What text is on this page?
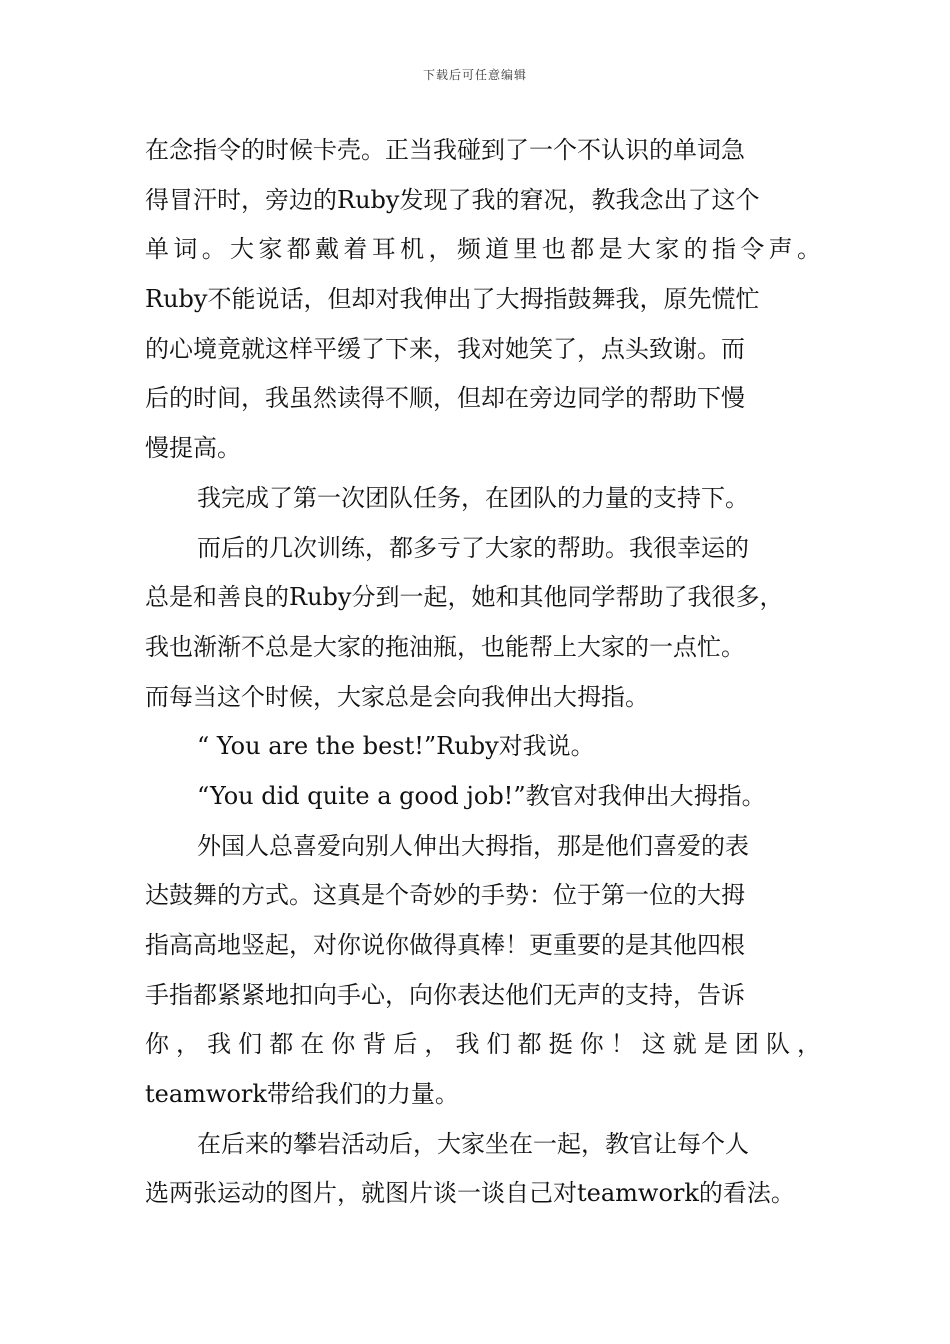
下载后可任意编辑
在念指令的时候卡壳。正当我碰到了一个不认识的单词急
得冒汗时，旁边的Ruby发现了我的窘况，教我念出了这个
单词。大家都戴着耳机，频道里也都是大家的指令声。
Ruby不能说话，但却对我伸出了大拇指鼓舞我，原先慌忙
的心境竟就这样平缓了下来，我对她笑了，点头致谢。而
后的时间，我虽然读得不顺，但却在旁边同学的帮助下慢
慢提高。
我完成了第一次团队任务，在团队的力量的支持下。
而后的几次训练，都多亏了大家的帮助。我很幸运的
总是和善良的Ruby分到一起，她和其他同学帮助了我很多，
我也渐渐不总是大家的拖油瓶，也能帮上大家的一点忙。
而每当这个时候，大家总是会向我伸出大拇指。
“ You are the best!”Ruby对我说。
“You did quite a good job!”教官对我伸出大拇指。
外国人总喜爱向别人伸出大拇指，那是他们喜爱的表
达鼓舞的方式。这真是个奇妙的手势：位于第一位的大拇
指高高地竖起，对你说你做得真棒！更重要的是其他四根
手指都紧紧地扣向手心，向你表达他们无声的支持，告诉
你，我们都在你背后，我们都挺你！这就是团队，
teamwork带给我们的力量。
在后来的攀岩活动后，大家坐在一起，教官让每个人
选两张运动的图片，就图片谈一谈自己对teamwork的看法。
